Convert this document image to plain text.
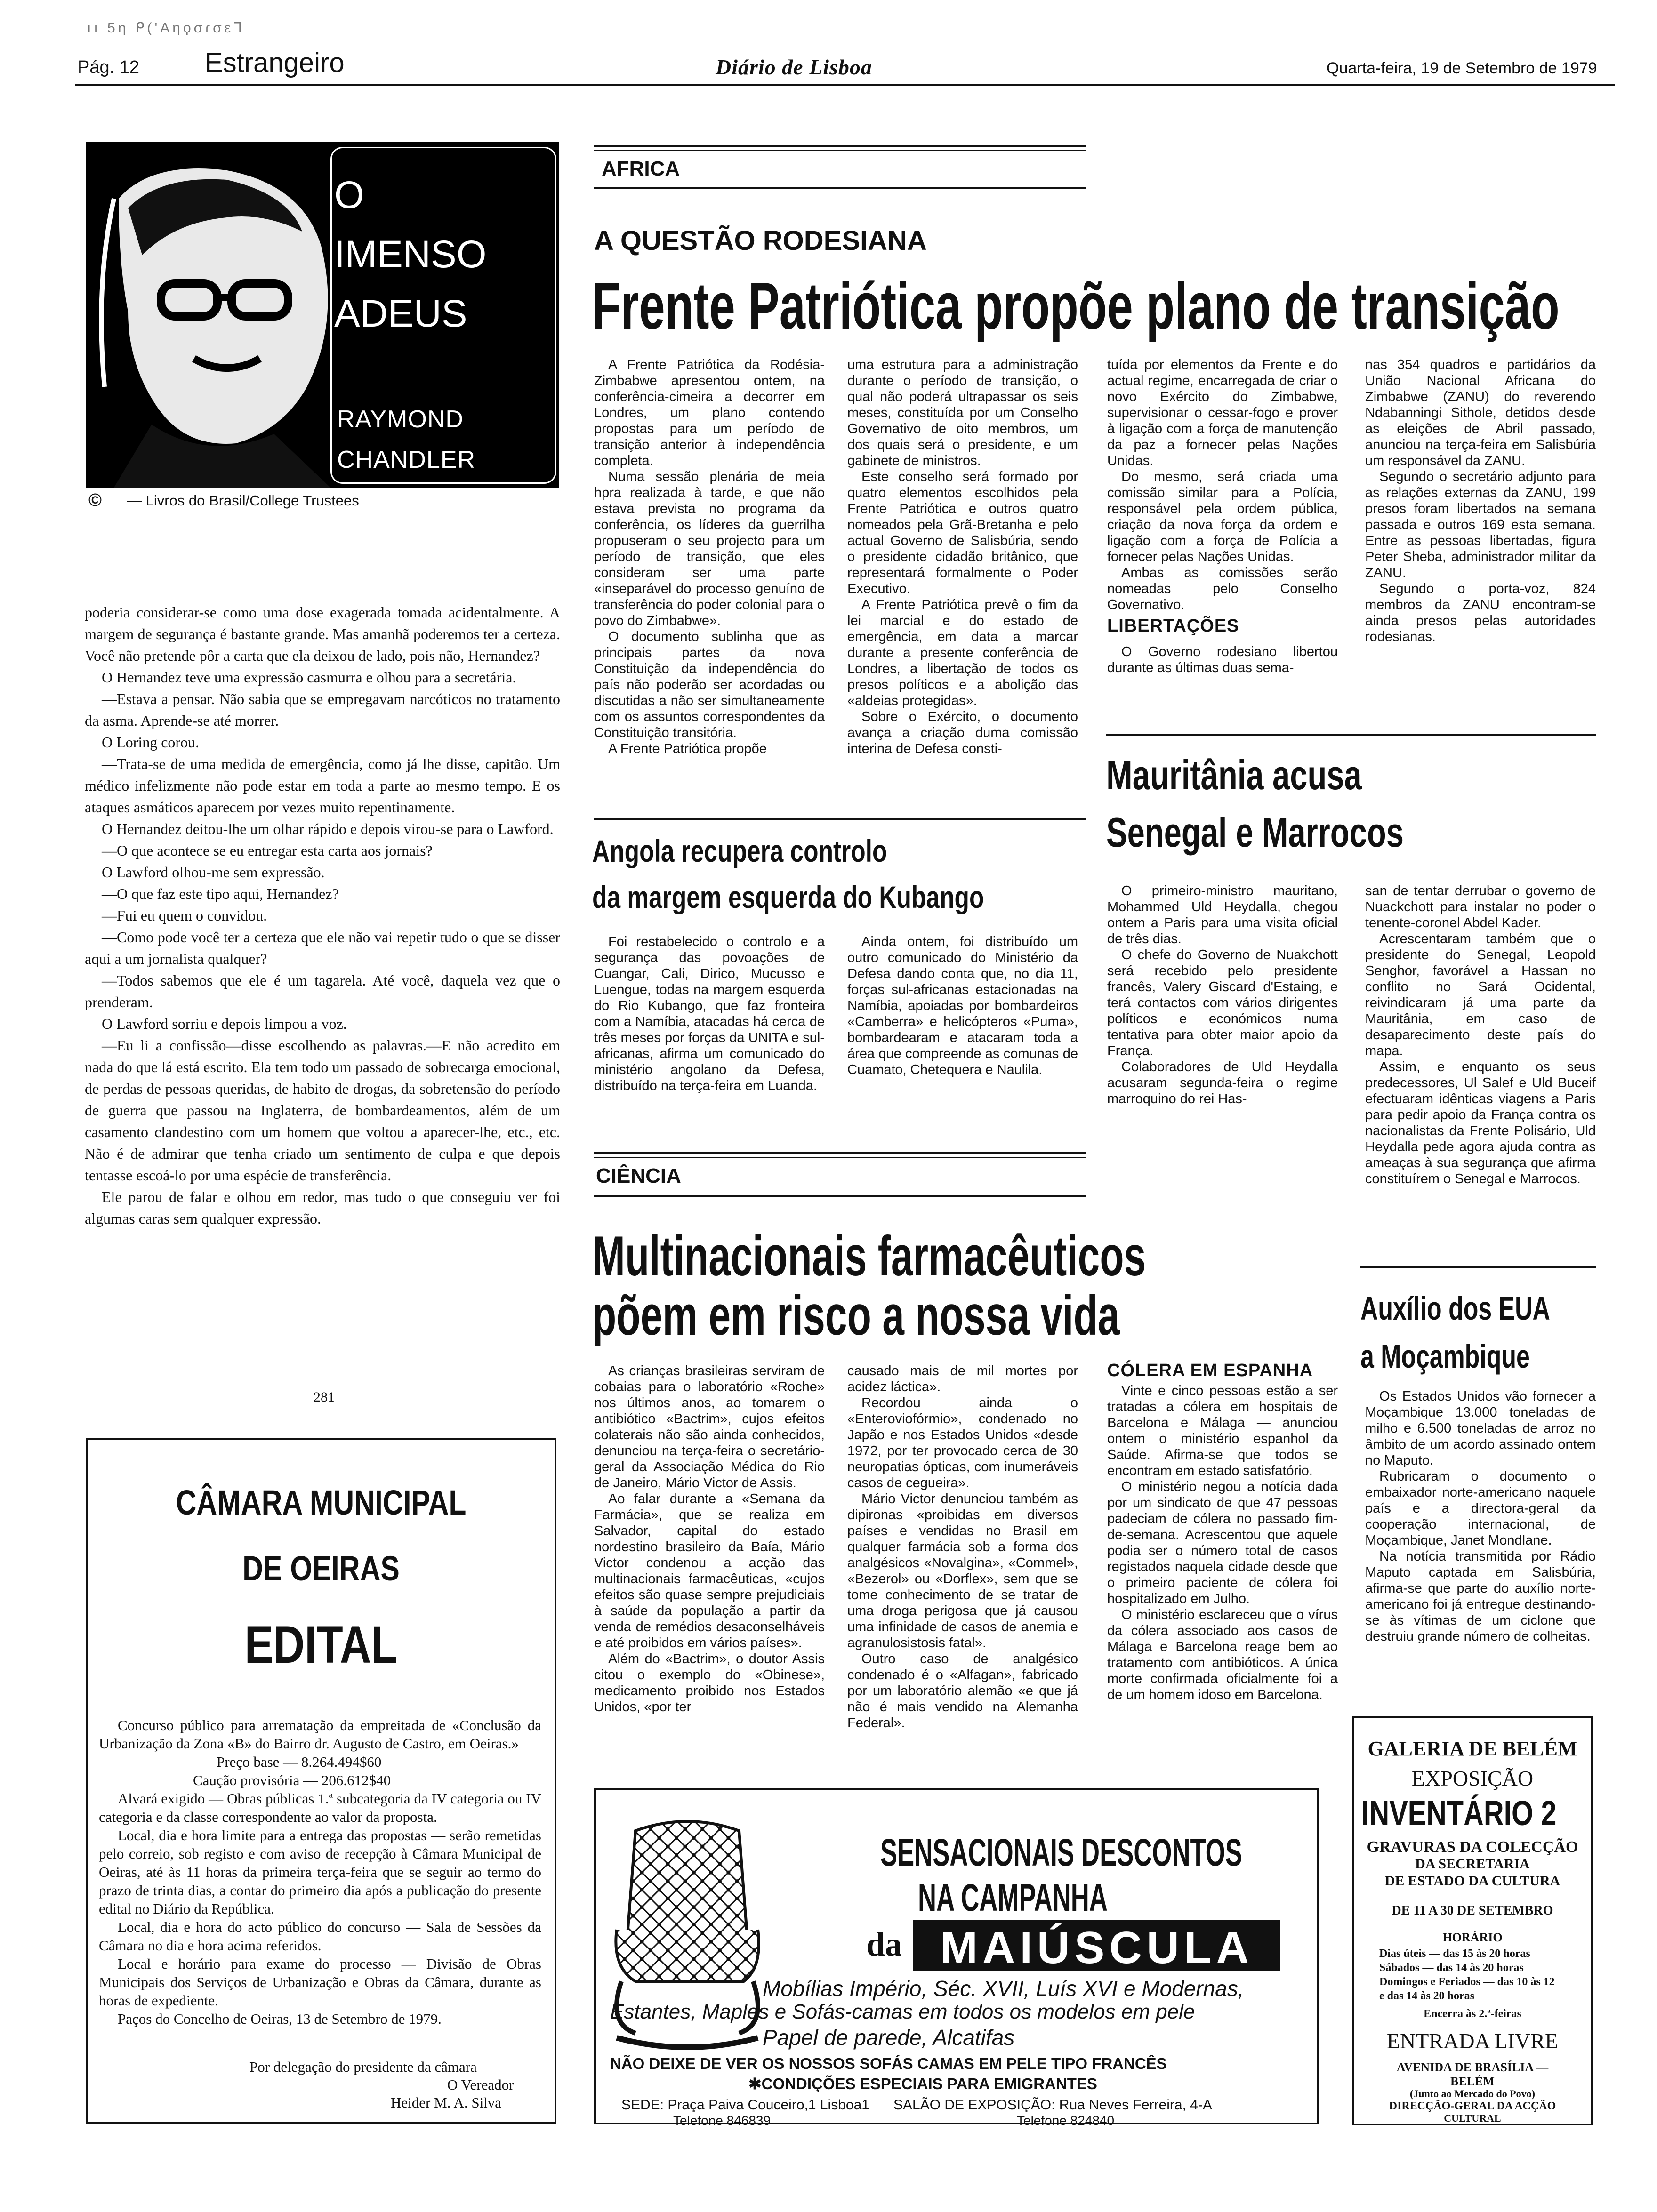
ıı 5η ᑭ(ʹΑηϙσɾσεᒣ
Pág. 12 Estrangeiro	Diário de Lisboa	Quarta-feira, 19 de Setembro de 1979
O
IMENSO
ADEUS
RAYMOND
CHANDLER
© — Livros do Brasil/College Trustees

poderia considerar-se como uma dose exagerada tomada acidentalmente. A margem de segurança é bastante grande. Mas amanhã poderemos ter a certeza. Você não pretende pôr a carta que ela deixou de lado, pois não, Hernandez?

O Hernandez teve uma expressão casmurra e olhou para a secretária.

—Estava a pensar. Não sabia que se empregavam narcóticos no tratamento da asma. Aprende-se até morrer.

O Loring corou.

—Trata-se de uma medida de emergência, como já lhe disse, capitão. Um médico infelizmente não pode estar em toda a parte ao mesmo tempo. E os ataques asmáticos aparecem por vezes muito repentinamente.

O Hernandez deitou-lhe um olhar rápido e depois virou-se para o Lawford.

—O que acontece se eu entregar esta carta aos jornais?

O Lawford olhou-me sem expressão.

—O que faz este tipo aqui, Hernandez?

—Fui eu quem o convidou.

—Como pode você ter a certeza que ele não vai repetir tudo o que se disser aqui a um jornalista qualquer?

—Todos sabemos que ele é um tagarela. Até você, daquela vez que o prenderam.

O Lawford sorriu e depois limpou a voz.

—Eu li a confissão—disse escolhendo as palavras.—E não acredito em nada do que lá está escrito. Ela tem todo um passado de sobrecarga emocional, de perdas de pessoas queridas, de habito de drogas, da sobretensão do período de guerra que passou na Inglaterra, de bombardeamentos, além de um casamento clandestino com um homem que voltou a aparecer-lhe, etc., etc. Não é de admirar que tenha criado um sentimento de culpa e que depois tentasse escoá-lo por uma espécie de transferência.

Ele parou de falar e olhou em redor, mas tudo o que conseguiu ver foi algumas caras sem qualquer expressão.

281
CÂMARA MUNICIPAL
DE OEIRAS
EDITAL

Concurso público para arrematação da empreitada de «Conclusão da Urbanização da Zona «B» do Bairro dr. Augusto de Castro, em Oeiras.»

Preço base — 8.264.494$60

Caução provisória — 206.612$40

Alvará exigido — Obras públicas 1.ª subcategoria da IV categoria ou IV categoria e da classe correspondente ao valor da proposta.

Local, dia e hora limite para a entrega das propostas — serão remetidas pelo correio, sob registo e com aviso de recepção à Câmara Municipal de Oeiras, até às 11 horas da primeira terça-feira que se seguir ao termo do prazo de trinta dias, a contar do primeiro dia após a publicação do presente edital no Diário da República.

Local, dia e hora do acto público do concurso — Sala de Sessões da Câmara no dia e hora acima referidos.

Local e horário para exame do processo — Divisão de Obras Municipais dos Serviços de Urbanização e Obras da Câmara, durante as horas de expediente.

Paços do Concelho de Oeiras, 13 de Setembro de 1979.

Por delegação do presidente da câmara
O Vereador
Heider M. A. Silva
AFRICA
A QUESTÃO RODESIANA
Frente Patriótica propõe plano de transição

A Frente Patriótica da Rodésia-Zimbabwe apresentou ontem, na conferência-cimeira a decorrer em Londres, um plano contendo propostas para um período de transição anterior à independência completa.

Numa sessão plenária de meia hpra realizada à tarde, e que não estava prevista no programa da conferência, os líderes da guerrilha propuseram o seu projecto para um período de transição, que eles consideram ser uma parte «inseparável do processo genuíno de transferência do poder colonial para o povo do Zimbabwe».

O documento sublinha que as principais partes da nova Constituição da independência do país não poderão ser acordadas ou discutidas a não ser simultaneamente com os assuntos correspondentes da Constituição transitória.

A Frente Patriótica propõe

uma estrutura para a administração durante o período de transição, o qual não poderá ultrapassar os seis meses, constituída por um Conselho Governativo de oito membros, um dos quais será o presidente, e um gabinete de ministros.

Este conselho será formado por quatro elementos escolhidos pela Frente Patriótica e outros quatro nomeados pela Grã-Bretanha e pelo actual Governo de Salisbúria, sendo o presidente cidadão britânico, que representará formalmente o Poder Executivo.

A Frente Patriótica prevê o fim da lei marcial e do estado de emergência, em data a marcar durante a presente conferência de Londres, a libertação de todos os presos políticos e a abolição das «aldeias protegidas».

Sobre o Exército, o documento avança a criação duma comissão interina de Defesa consti-

tuída por elementos da Frente e do actual regime, encarregada de criar o novo Exército do Zimbabwe, supervisionar o cessar-fogo e prover à ligação com a força de manutenção da paz a fornecer pelas Nações Unidas.

Do mesmo, será criada uma comissão similar para a Polícia, responsável pela ordem pública, criação da nova força da ordem e ligação com a força de Polícia a fornecer pelas Nações Unidas.

Ambas as comissões serão nomeadas pelo Conselho Governativo.

LIBERTAÇÕES

O Governo rodesiano libertou durante as últimas duas sema-

nas 354 quadros e partidários da União Nacional Africana do Zimbabwe (ZANU) do reverendo Ndabanningi Sithole, detidos desde as eleições de Abril passado, anunciou na terça-feira em Salisbúria um responsável da ZANU.

Segundo o secretário adjunto para as relações externas da ZANU, 199 presos foram libertados na semana passada e outros 169 esta semana. Entre as pessoas libertadas, figura Peter Sheba, administrador militar da ZANU.

Segundo o porta-voz, 824 membros da ZANU encontram-se ainda presos pelas autoridades rodesianas.

Angola recupera controlo
da margem esquerda do Kubango

Foi restabelecido o controlo e a segurança das povoações de Cuangar, Cali, Dirico, Mucusso e Luengue, todas na margem esquerda do Rio Kubango, que faz fronteira com a Namíbia, atacadas há cerca de três meses por forças da UNITA e sul-africanas, afirma um comunicado do ministério angolano da Defesa, distribuído na terça-feira em Luanda.

Ainda ontem, foi distribuído um outro comunicado do Ministério da Defesa dando conta que, no dia 11, forças sul-africanas estacionadas na Namíbia, apoiadas por bombardeiros «Camberra» e helicópteros «Puma», bombardearam e atacaram toda a área que compreende as comunas de Cuamato, Chetequera e Naulila.

Mauritânia acusa
Senegal e Marrocos

O primeiro-ministro mauritano, Mohammed Uld Heydalla, chegou ontem a Paris para uma visita oficial de três dias.

O chefe do Governo de Nuakchott será recebido pelo presidente francês, Valery Giscard d'Estaing, e terá contactos com vários dirigentes políticos e económicos numa tentativa para obter maior apoio da França.

Colaboradores de Uld Heydalla acusaram segunda-feira o regime marroquino do rei Has-

san de tentar derrubar o governo de Nuackchott para instalar no poder o tenente-coronel Abdel Kader.

Acrescentaram também que o presidente do Senegal, Leopold Senghor, favorável a Hassan no conflito no Sará Ocidental, reivindicaram já uma parte da Mauritânia, em caso de desaparecimento deste país do mapa.

Assim, e enquanto os seus predecessores, Ul Salef e Uld Buceif efectuaram idênticas viagens a Paris para pedir apoio da França contra os nacionalistas da Frente Polisário, Uld Heydalla pede agora ajuda contra as ameaças à sua segurança que afirma constituírem o Senegal e Marrocos.

CIÊNCIA
Multinacionais farmacêuticos
põem em risco a nossa vida

As crianças brasileiras serviram de cobaias para o laboratório «Roche» nos últimos anos, ao tomarem o antibiótico «Bactrim», cujos efeitos colaterais não são ainda conhecidos, denunciou na terça-feira o secretário-geral da Associação Médica do Rio de Janeiro, Mário Victor de Assis.

Ao falar durante a «Semana da Farmácia», que se realiza em Salvador, capital do estado nordestino brasileiro da Baía, Mário Victor condenou a acção das multinacionais farmacêuticas, «cujos efeitos são quase sempre prejudiciais à saúde da população a partir da venda de remédios desaconselháveis e até proibidos em vários países».

Além do «Bactrim», o doutor Assis citou o exemplo do «Obinese», medicamento proibido nos Estados Unidos, «por ter

causado mais de mil mortes por acidez láctica».

Recordou ainda o «Enteroviofórmio», condenado no Japão e nos Estados Unidos «desde 1972, por ter provocado cerca de 30 neuropatias ópticas, com inumeráveis casos de cegueira».

Mário Victor denunciou também as dipironas «proibidas em diversos países e vendidas no Brasil em qualquer farmácia sob a forma dos analgésicos «Novalgina», «Commel», «Bezerol» ou «Dorflex», sem que se tome conhecimento de se tratar de uma droga perigosa que já causou uma infinidade de casos de anemia e agranulosistosis fatal».

Outro caso de analgésico condenado é o «Alfagan», fabricado por um laboratório alemão «e que já não é mais vendido na Alemanha Federal».

CÓLERA EM ESPANHA

Vinte e cinco pessoas estão a ser tratadas a cólera em hospitais de Barcelona e Málaga — anunciou ontem o ministério espanhol da Saúde. Afirma-se que todos se encontram em estado satisfatório.

O ministério negou a notícia dada por um sindicato de que 47 pessoas padeciam de cólera no passado fim-de-semana. Acrescentou que aquele podia ser o número total de casos registados naquela cidade desde que o primeiro paciente de cólera foi hospitalizado em Julho.

O ministério esclareceu que o vírus da cólera associado aos casos de Málaga e Barcelona reage bem ao tratamento com antibióticos. A única morte confirmada oficialmente foi a de um homem idoso em Barcelona.

Auxílio dos EUA
a Moçambique

Os Estados Unidos vão fornecer a Moçambique 13.000 toneladas de milho e 6.500 toneladas de arroz no âmbito de um acordo assinado ontem no Maputo.

Rubricaram o documento o embaixador norte-americano naquele país e a directora-geral da cooperação internacional, de Moçambique, Janet Mondlane.

Na notícia transmitida por Rádio Maputo captada em Salisbúria, afirma-se que parte do auxílio norte-americano foi já entregue destinando-se às vítimas de um ciclone que destruiu grande número de colheitas.

SENSACIONAIS DESCONTOS
NA CAMPANHA
da MAIÚSCULA
Mobílias Império, Séc. XVII, Luís XVI e Modernas,
Estantes, Maples e Sofás-camas em todos os modelos em pele
Papel de parede, Alcatifas
NÃO DEIXE DE VER OS NOSSOS SOFÁS CAMAS EM PELE TIPO FRANCÊS
✱CONDIÇÕES ESPECIAIS PARA EMIGRANTES
SEDE: Praça Paiva Couceiro,1 Lisboa1
Telefone 846839
SALÃO DE EXPOSIÇÃO: Rua Neves Ferreira, 4-A
Telefone 824840
GALERIA DE BELÉM
EXPOSIÇÃO
INVENTÁRIO 2
GRAVURAS DA COLECÇÃO
DA SECRETARIA
DE ESTADO DA CULTURA
DE 11 A 30 DE SETEMBRO
HORÁRIO
Dias úteis — das 15 às 20 horas
Sábados — das 14 às 20 horas
Domingos e Feriados — das 10 às 12
e das 14 às 20 horas
Encerra às 2.ª-feiras
ENTRADA LIVRE
AVENIDA DE BRASÍLIA —
BELÉM
(Junto ao Mercado do Povo)
DIRECÇÃO-GERAL DA ACÇÃO
CULTURAL
